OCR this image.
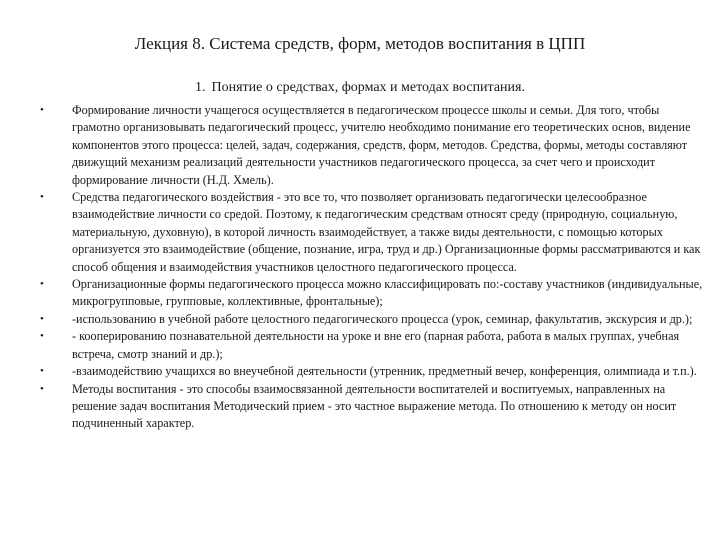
Лекция 8. Система средств, форм, методов воспитания в ЦПП
1. Понятие о средствах, формах и методах воспитания.
• Формирование личности учащегося осуществляется в педагогическом процессе школы и семьи. Для того, чтобы грамотно организовывать педагогический процесс, учителю необходимо понимание его теоретических основ, видение компонентов этого процесса: целей, задач, содержания, средств, форм, методов. Средства, формы, методы составляют движущий механизм реализаций деятельности участников педагогического процесса, за счет чего и происходит формирование личности (Н.Д. Хмель).
• Средства педагогического воздействия - это все то, что позволяет организовать педагогически целесообразное взаимодействие личности со средой. Поэтому, к педагогическим средствам относят среду (природную, социальную, материальную, духовную), в которой личность взаимодействует, а также виды деятельности, с помощью которых организуется это взаимодействие (общение, познание, игра, труд и др.) Организационные формы рассматриваются и как способ общения и взаимодействия участников целостного педагогического процесса.
• Организационные формы педагогического процесса можно классифицировать по:-составу участников (индивидуальные, микрогрупповые, групповые, коллективные, фронтальные);
• -использованию в учебной работе целостного педагогического процесса (урок, семинар, факультатив, экскурсия и др.);
• - кооперированию познавательной деятельности на уроке и вне его (парная работа, работа в малых группах, учебная встреча, смотр знаний и др.);
• -взаимодействию учащихся во внеучебной деятельности (утренник, предметный вечер, конференция, олимпиада и т.п.).
• Методы воспитания - это способы взаимосвязанной деятельности воспитателей и воспитуемых, направленных на решение задач воспитания Методический прием - это частное выражение метода. По отношению к методу он носит подчиненный характер.
